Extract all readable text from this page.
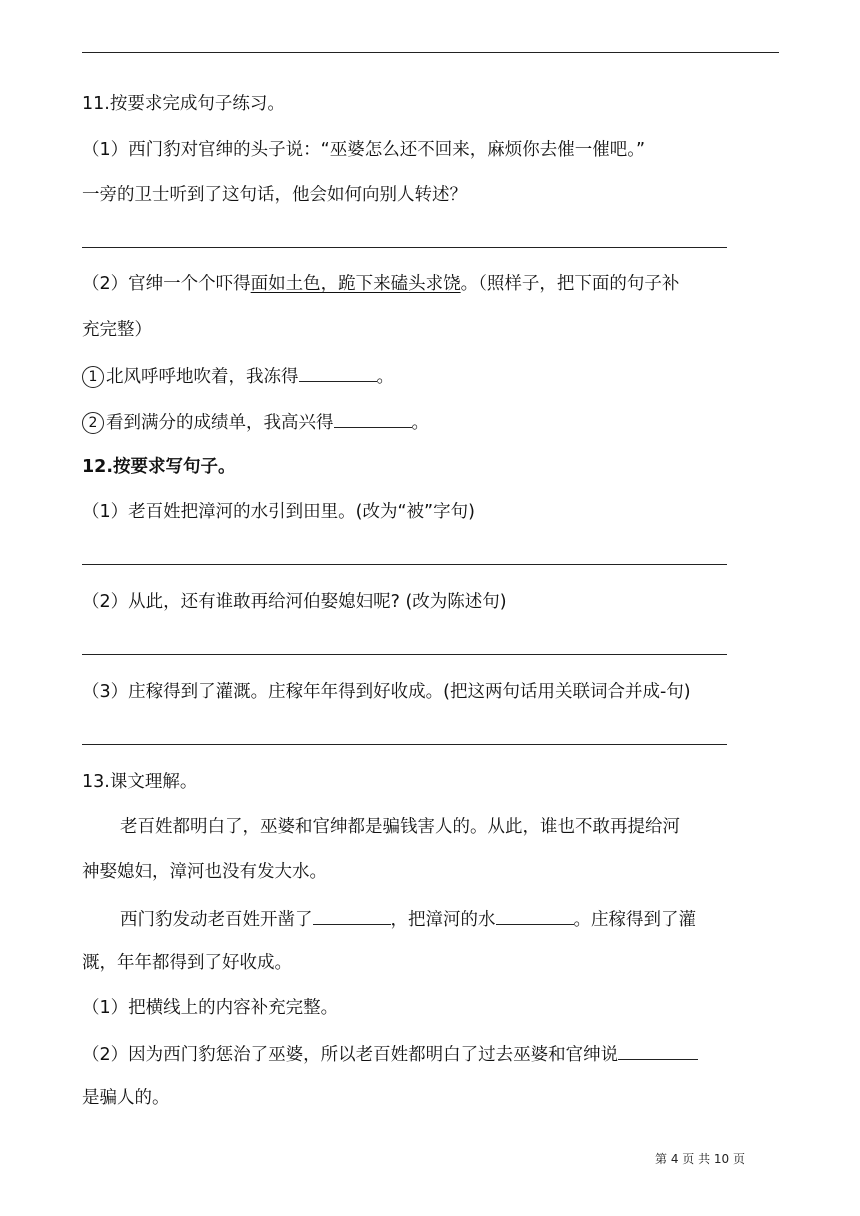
11.按要求完成句子练习。
（1）西门豹对官绅的头子说：“巫婆怎么还不回来，麻烦你去催一催吧。”
一旁的卫士听到了这句话，他会如何向别人转述？
（2）官绅一个个吓得面如土色，跪下来磕头求饶。（照样子，把下面的句子补
充完整）
1 北风呼呼地吹着，我冻得	。
2 看到满分的成绩单，我高兴得	。
12.按要求写句子。
（1）老百姓把漳河的水引到田里。(改为“被”字句)
（2）从此，还有谁敢再给河伯娶媳妇呢? (改为陈述句)
（3）庄稼得到了灌溉。庄稼年年得到好收成。(把这两句话用关联词合并成-句)
13.课文理解。
老百姓都明白了，巫婆和官绅都是骗钱害人的。从此，谁也不敢再提给河
神娶媳妇，漳河也没有发大水。
西门豹发动老百姓开凿了	，把漳河的水	。庄稼得到了灌
溉，年年都得到了好收成。
（1）把横线上的内容补充完整。
（2）因为西门豹惩治了巫婆，所以老百姓都明白了过去巫婆和官绅说
是骗人的。
第 4 页 共 10 页
